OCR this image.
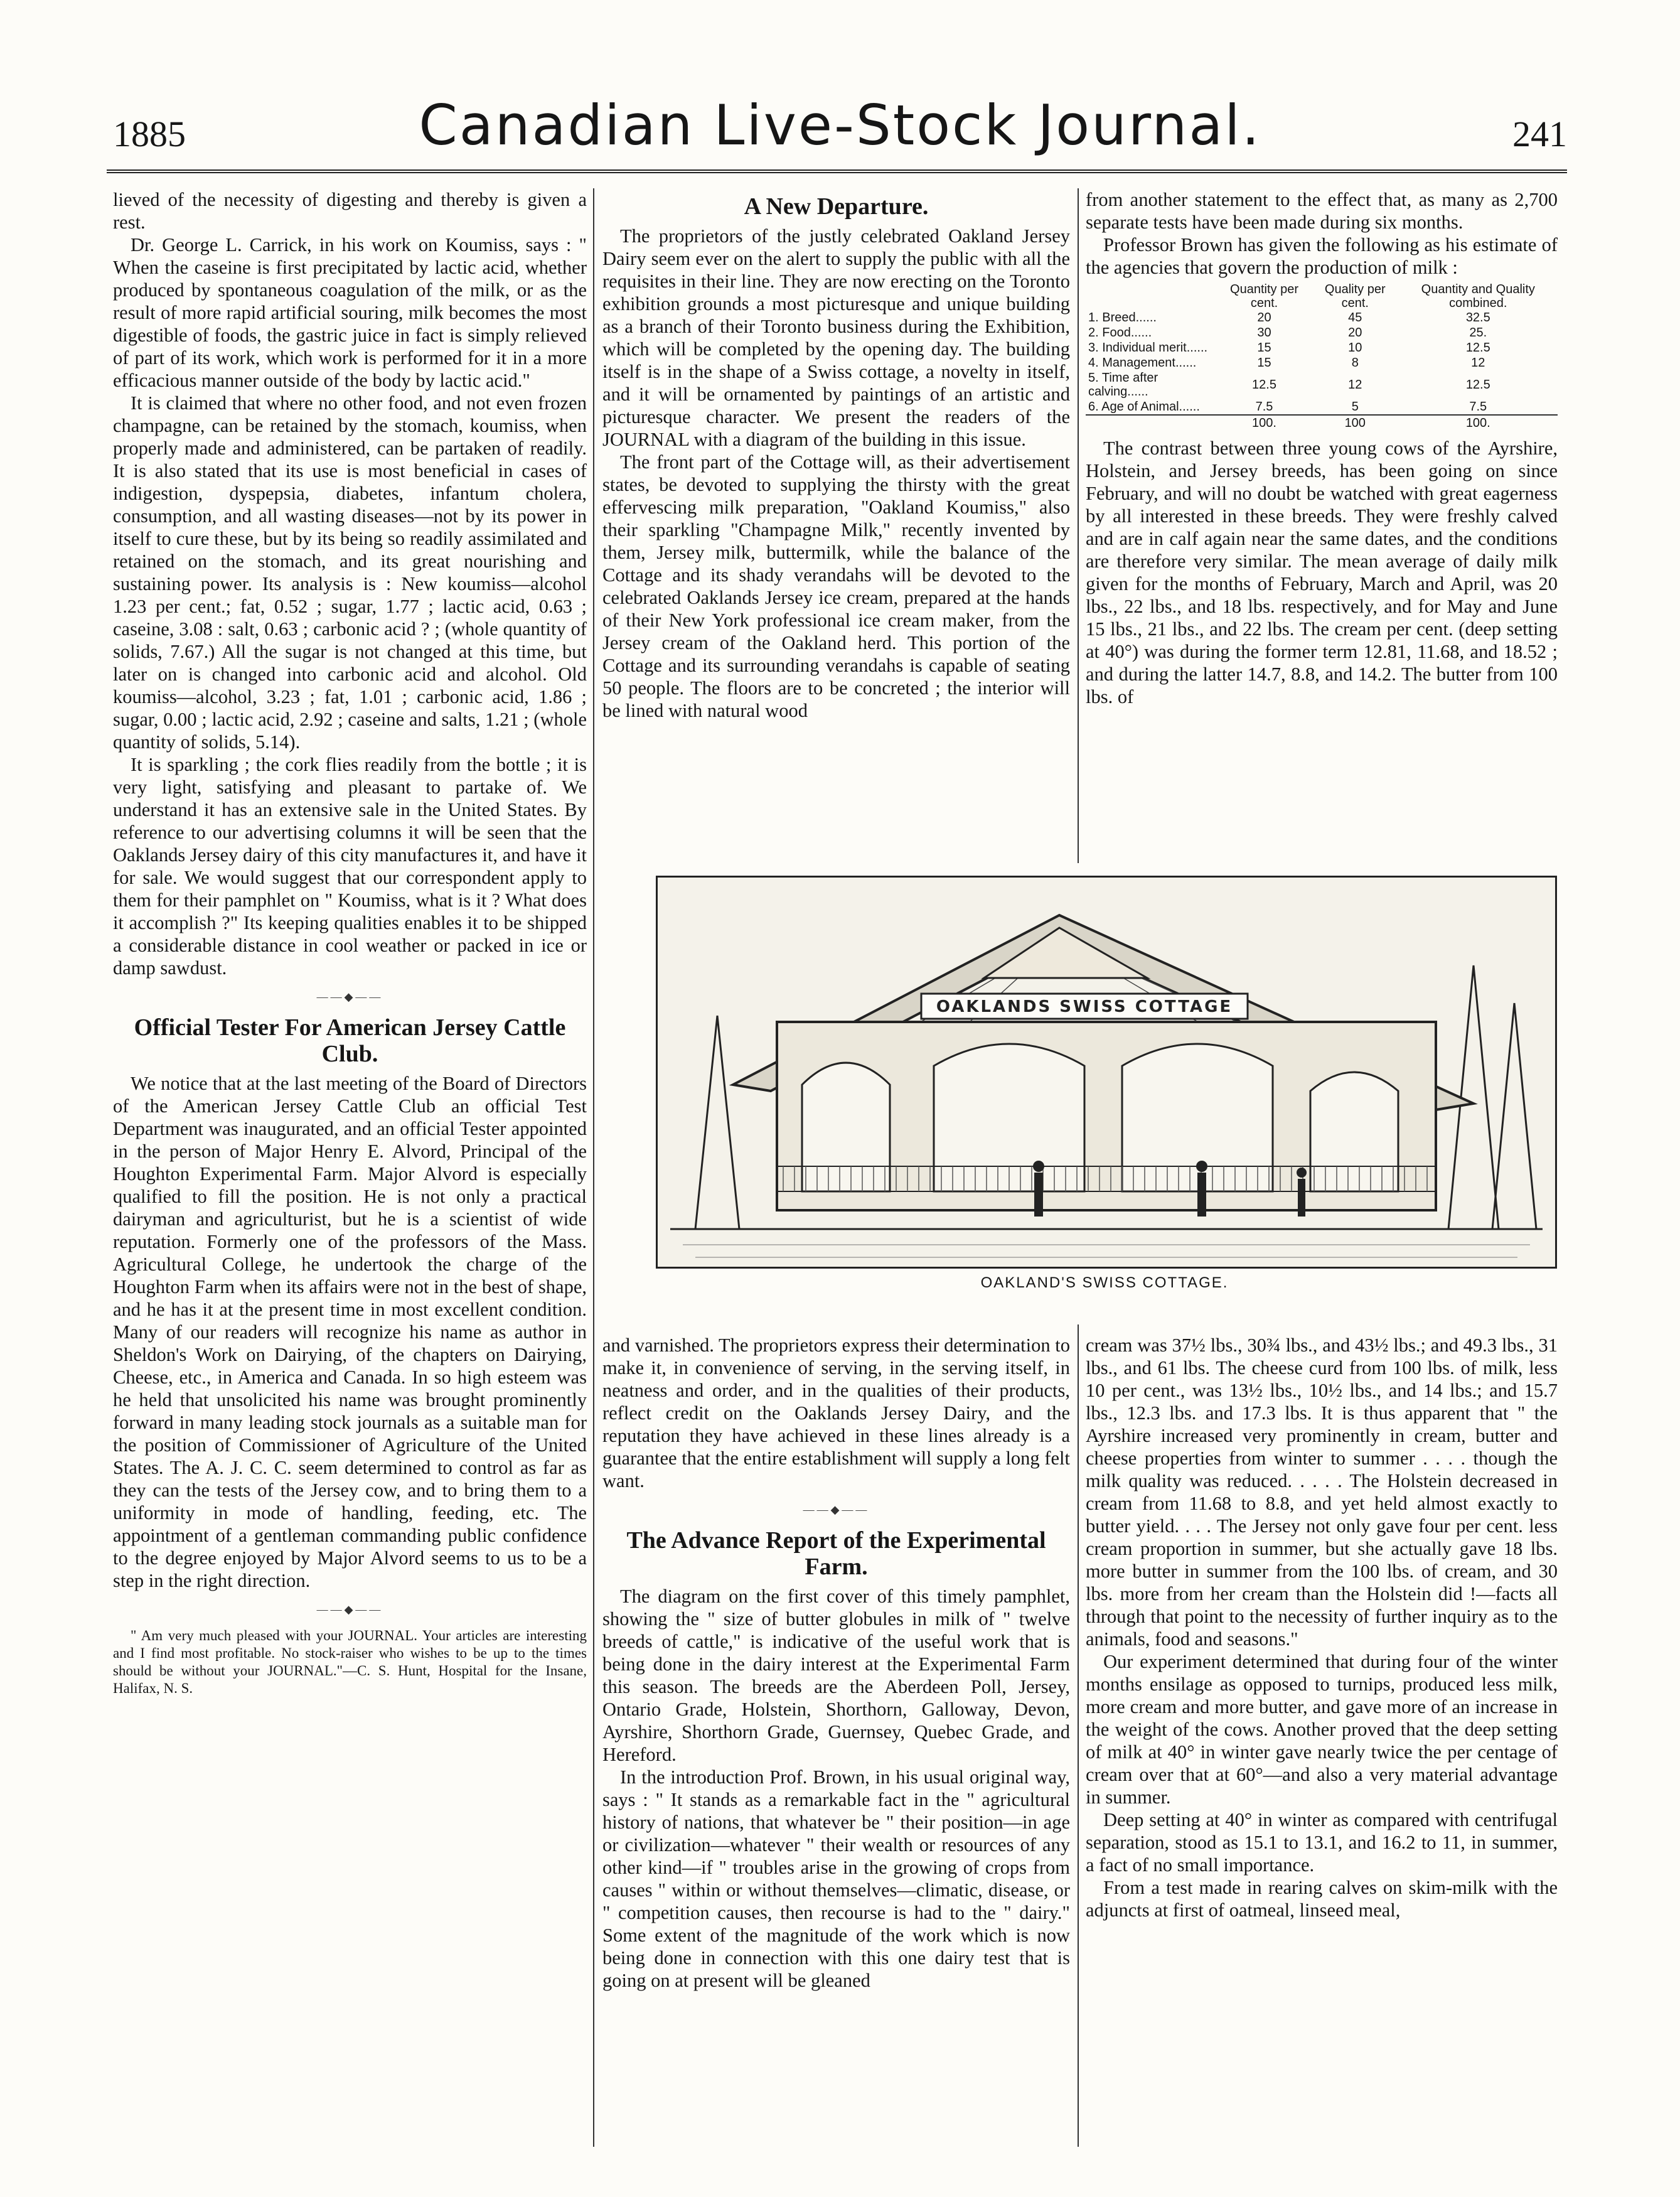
1885	Canadian Live-Stock Journal.	241

lieved of the necessity of digesting and thereby is given a rest.

Dr. George L. Carrick, in his work on Koumiss, says : " When the caseine is first precipitated by lactic acid, whether produced by spontaneous coagulation of the milk, or as the result of more rapid artificial souring, milk becomes the most digestible of foods, the gastric juice in fact is simply relieved of part of its work, which work is performed for it in a more efficacious manner outside of the body by lactic acid."

It is claimed that where no other food, and not even frozen champagne, can be retained by the stomach, koumiss, when properly made and administered, can be partaken of readily. It is also stated that its use is most beneficial in cases of indigestion, dyspepsia, diabetes, infantum cholera, consumption, and all wasting diseases—not by its power in itself to cure these, but by its being so readily assimilated and retained on the stomach, and its great nourishing and sustaining power. Its analysis is : New koumiss—alcohol 1.23 per cent.; fat, 0.52 ; sugar, 1.77 ; lactic acid, 0.63 ; caseine, 3.08 : salt, 0.63 ; carbonic acid ? ; (whole quantity of solids, 7.67.) All the sugar is not changed at this time, but later on is changed into carbonic acid and alcohol. Old koumiss—alcohol, 3.23 ; fat, 1.01 ; carbonic acid, 1.86 ; sugar, 0.00 ; lactic acid, 2.92 ; caseine and salts, 1.21 ; (whole quantity of solids, 5.14).

It is sparkling ; the cork flies readily from the bottle ; it is very light, satisfying and pleasant to partake of. We understand it has an extensive sale in the United States. By reference to our advertising columns it will be seen that the Oaklands Jersey dairy of this city manufactures it, and have it for sale. We would suggest that our correspondent apply to them for their pamphlet on " Koumiss, what is it ? What does it accomplish ?" Its keeping qualities enables it to be shipped a considerable distance in cool weather or packed in ice or damp sawdust.

——◆——
Official Tester For American Jersey Cattle Club.

We notice that at the last meeting of the Board of Directors of the American Jersey Cattle Club an official Test Department was inaugurated, and an official Tester appointed in the person of Major Henry E. Alvord, Principal of the Houghton Experimental Farm. Major Alvord is especially qualified to fill the position. He is not only a practical dairyman and agriculturist, but he is a scientist of wide reputation. Formerly one of the professors of the Mass. Agricultural College, he undertook the charge of the Houghton Farm when its affairs were not in the best of shape, and he has it at the present time in most excellent condition. Many of our readers will recognize his name as author in Sheldon's Work on Dairying, of the chapters on Dairying, Cheese, etc., in America and Canada. In so high esteem was he held that unsolicited his name was brought prominently forward in many leading stock journals as a suitable man for the position of Commissioner of Agriculture of the United States. The A. J. C. C. seem determined to control as far as they can the tests of the Jersey cow, and to bring them to a uniformity in mode of handling, feeding, etc. The appointment of a gentleman commanding public confidence to the degree enjoyed by Major Alvord seems to us to be a step in the right direction.

——◆——

" Am very much pleased with your JOURNAL. Your articles are interesting and I find most profitable. No stock-raiser who wishes to be up to the times should be without your JOURNAL."—C. S. Hunt, Hospital for the Insane, Halifax, N. S.

A New Departure.

The proprietors of the justly celebrated Oakland Jersey Dairy seem ever on the alert to supply the public with all the requisites in their line. They are now erecting on the Toronto exhibition grounds a most picturesque and unique building as a branch of their Toronto business during the Exhibition, which will be completed by the opening day. The building itself is in the shape of a Swiss cottage, a novelty in itself, and it will be ornamented by paintings of an artistic and picturesque character. We present the readers of the JOURNAL with a diagram of the building in this issue.

The front part of the Cottage will, as their advertisement states, be devoted to supplying the thirsty with the great effervescing milk preparation, "Oakland Koumiss," also their sparkling "Champagne Milk," recently invented by them, Jersey milk, buttermilk, while the balance of the Cottage and its shady verandahs will be devoted to the celebrated Oaklands Jersey ice cream, prepared at the hands of their New York professional ice cream maker, from the Jersey cream of the Oakland herd. This portion of the Cottage and its surrounding verandahs is capable of seating 50 people. The floors are to be concreted ; the interior will be lined with natural wood

from another statement to the effect that, as many as 2,700 separate tests have been made during six months.

Professor Brown has given the following as his estimate of the agencies that govern the production of milk :

	Quantity per cent.	Quality per cent.	Quantity and Quality combined.
1. Breed......	20	45	32.5
2. Food......	30	20	25.
3. Individual merit......	15	10	12.5
4. Management......	15	8	12
5. Time after calving......	12.5	12	12.5
6. Age of Animal......	7.5	5	7.5
	100.	100	100.

The contrast between three young cows of the Ayrshire, Holstein, and Jersey breeds, has been going on since February, and will no doubt be watched with great eagerness by all interested in these breeds. They were freshly calved and are in calf again near the same dates, and the conditions are therefore very similar. The mean average of daily milk given for the months of February, March and April, was 20 lbs., 22 lbs., and 18 lbs. respectively, and for May and June 15 lbs., 21 lbs., and 22 lbs. The cream per cent. (deep setting at 40°) was during the former term 12.81, 11.68, and 18.52 ; and during the latter 14.7, 8.8, and 14.2. The butter from 100 lbs. of

OAKLANDS SWISS COTTAGE
OAKLAND'S SWISS COTTAGE.

and varnished. The proprietors express their determination to make it, in convenience of serving, in the serving itself, in neatness and order, and in the qualities of their products, reflect credit on the Oaklands Jersey Dairy, and the reputation they have achieved in these lines already is a guarantee that the entire establishment will supply a long felt want.

——◆——
The Advance Report of the Experimental Farm.

The diagram on the first cover of this timely pamphlet, showing the " size of butter globules in milk of " twelve breeds of cattle," is indicative of the useful work that is being done in the dairy interest at the Experimental Farm this season. The breeds are the Aberdeen Poll, Jersey, Ontario Grade, Holstein, Shorthorn, Galloway, Devon, Ayrshire, Shorthorn Grade, Guernsey, Quebec Grade, and Hereford.

In the introduction Prof. Brown, in his usual original way, says : " It stands as a remarkable fact in the " agricultural history of nations, that whatever be " their position—in age or civilization—whatever " their wealth or resources of any other kind—if " troubles arise in the growing of crops from causes " within or without themselves—climatic, disease, or " competition causes, then recourse is had to the " dairy." Some extent of the magnitude of the work which is now being done in connection with this one dairy test that is going on at present will be gleaned

cream was 37½ lbs., 30¾ lbs., and 43½ lbs.; and 49.3 lbs., 31 lbs., and 61 lbs. The cheese curd from 100 lbs. of milk, less 10 per cent., was 13½ lbs., 10½ lbs., and 14 lbs.; and 15.7 lbs., 12.3 lbs. and 17.3 lbs. It is thus apparent that " the Ayrshire increased very prominently in cream, butter and cheese properties from winter to summer . . . . though the milk quality was reduced. . . . . The Holstein decreased in cream from 11.68 to 8.8, and yet held almost exactly to butter yield. . . . The Jersey not only gave four per cent. less cream proportion in summer, but she actually gave 18 lbs. more butter in summer from the 100 lbs. of cream, and 30 lbs. more from her cream than the Holstein did !—facts all through that point to the necessity of further inquiry as to the animals, food and seasons."

Our experiment determined that during four of the winter months ensilage as opposed to turnips, produced less milk, more cream and more butter, and gave more of an increase in the weight of the cows. Another proved that the deep setting of milk at 40° in winter gave nearly twice the per centage of cream over that at 60°—and also a very material advantage in summer.

Deep setting at 40° in winter as compared with centrifugal separation, stood as 15.1 to 13.1, and 16.2 to 11, in summer, a fact of no small importance.

From a test made in rearing calves on skim-milk with the adjuncts at first of oatmeal, linseed meal,
